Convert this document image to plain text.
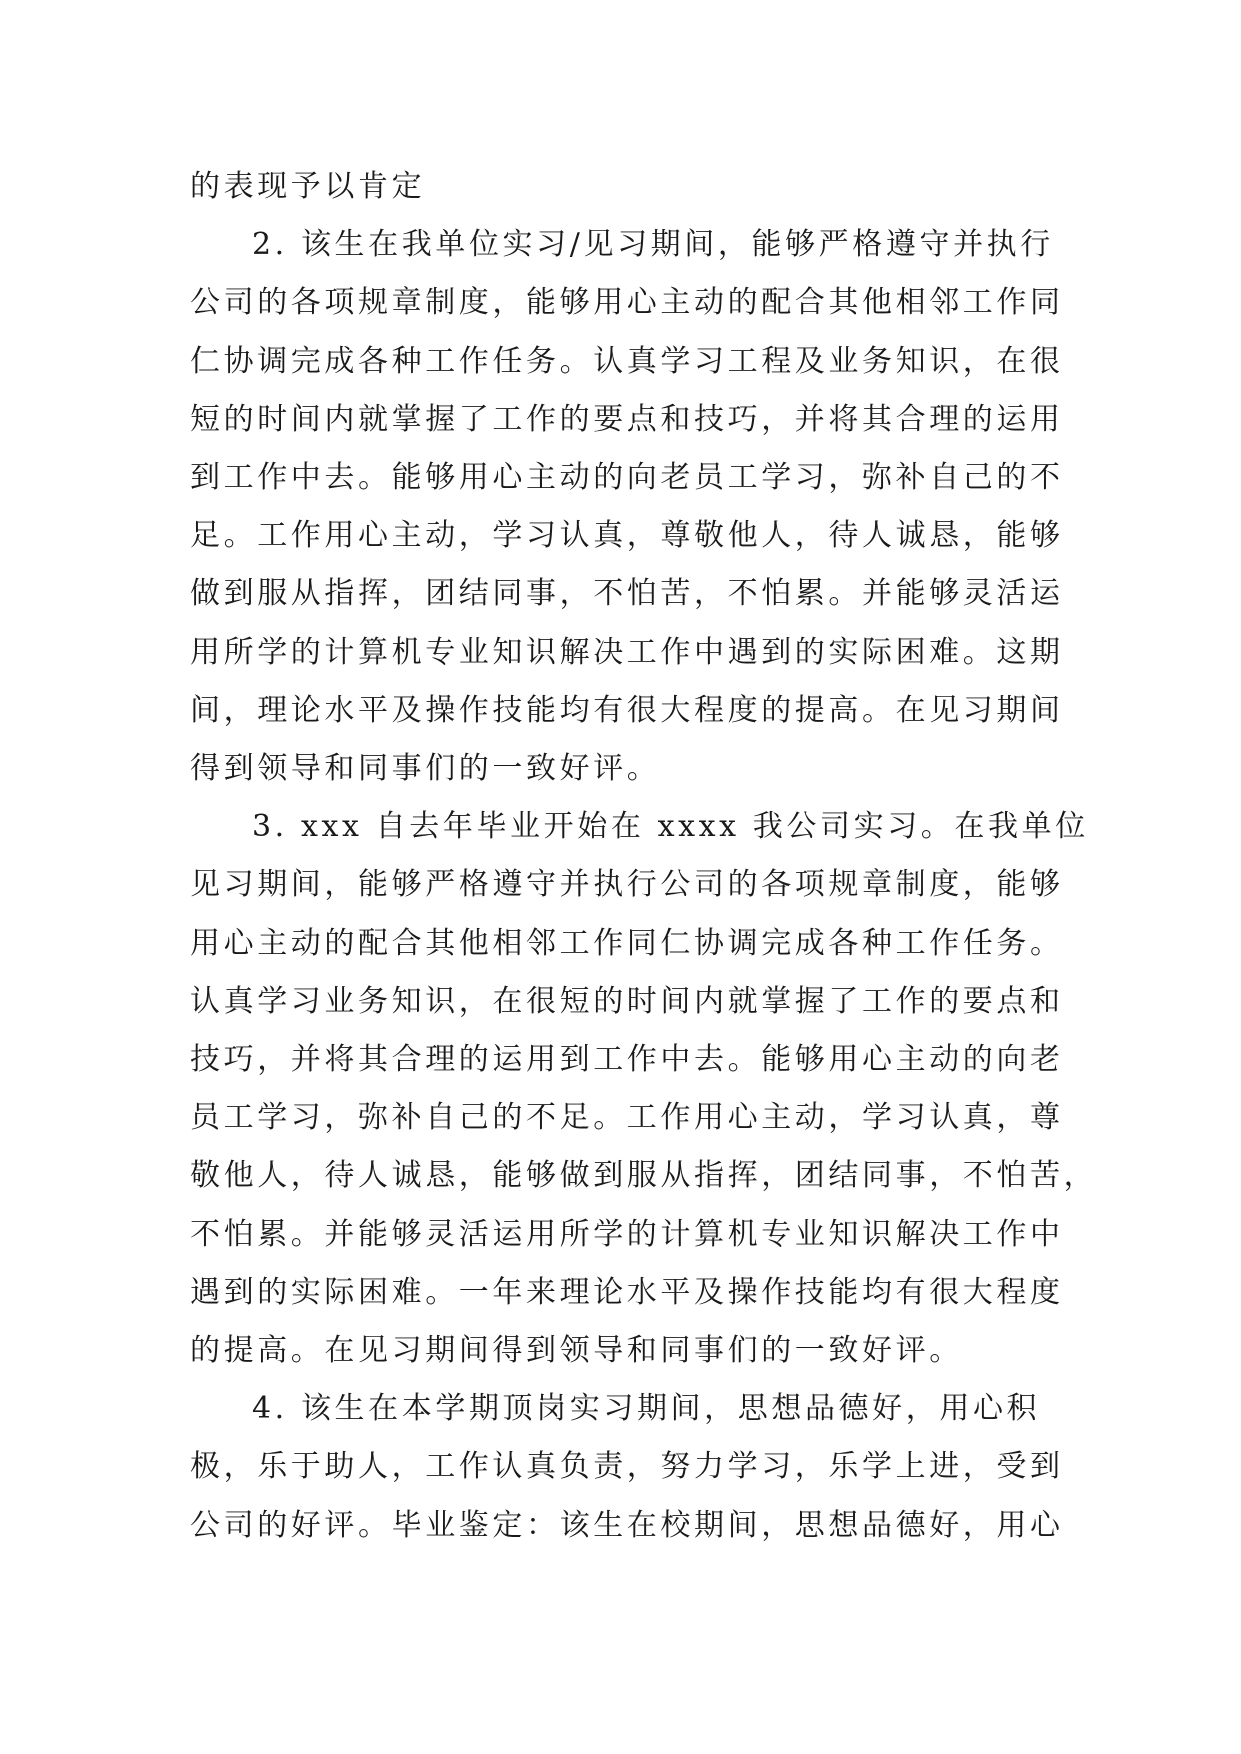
的表现予以肯定
2. 该生在我单位实习/见习期间，能够严格遵守并执行
公司的各项规章制度，能够用心主动的配合其他相邻工作同
仁协调完成各种工作任务。认真学习工程及业务知识，在很
短的时间内就掌握了工作的要点和技巧，并将其合理的运用
到工作中去。能够用心主动的向老员工学习，弥补自己的不
足。工作用心主动，学习认真，尊敬他人，待人诚恳，能够
做到服从指挥，团结同事，不怕苦，不怕累。并能够灵活运
用所学的计算机专业知识解决工作中遇到的实际困难。这期
间，理论水平及操作技能均有很大程度的提高。在见习期间
得到领导和同事们的一致好评。
3. xxx 自去年毕业开始在 xxxx 我公司实习。在我单位
见习期间，能够严格遵守并执行公司的各项规章制度，能够
用心主动的配合其他相邻工作同仁协调完成各种工作任务。
认真学习业务知识，在很短的时间内就掌握了工作的要点和
技巧，并将其合理的运用到工作中去。能够用心主动的向老
员工学习，弥补自己的不足。工作用心主动，学习认真，尊
敬他人，待人诚恳，能够做到服从指挥，团结同事，不怕苦，
不怕累。并能够灵活运用所学的计算机专业知识解决工作中
遇到的实际困难。一年来理论水平及操作技能均有很大程度
的提高。在见习期间得到领导和同事们的一致好评。
4. 该生在本学期顶岗实习期间，思想品德好，用心积
极，乐于助人，工作认真负责，努力学习，乐学上进，受到
公司的好评。毕业鉴定：该生在校期间，思想品德好，用心
